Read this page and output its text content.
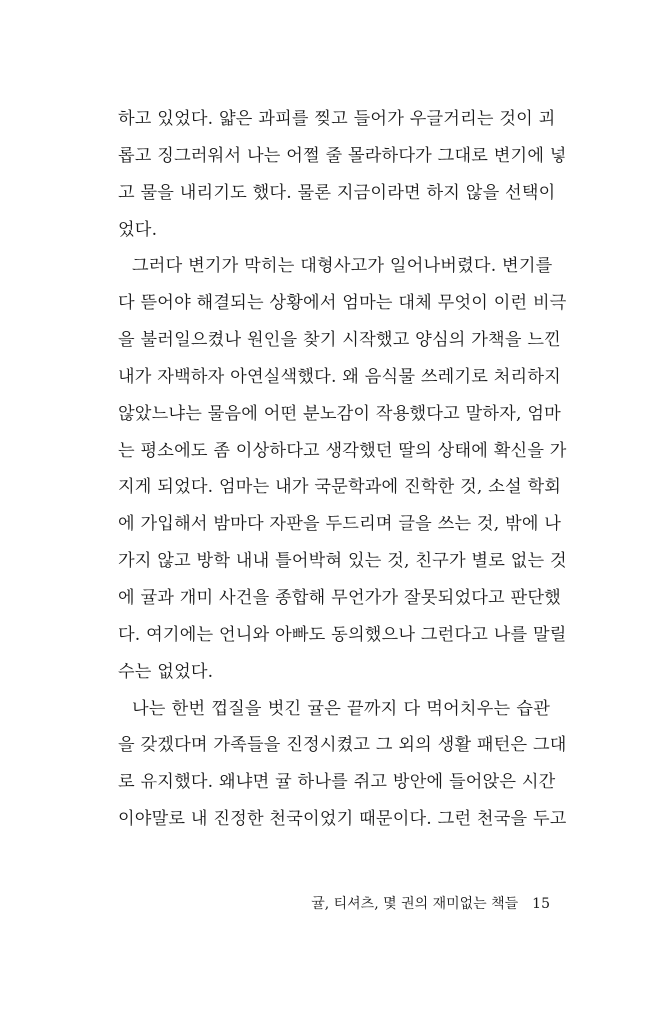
하고 있었다. 얇은 과피를 찢고 들어가 우글거리는 것이 괴
롭고 징그러워서 나는 어쩔 줄 몰라하다가 그대로 변기에 넣
고 물을 내리기도 했다. 물론 지금이라면 하지 않을 선택이
었다.

그러다 변기가 막히는 대형사고가 일어나버렸다. 변기를
다 뜯어야 해결되는 상황에서 엄마는 대체 무엇이 이런 비극
을 불러일으켰나 원인을 찾기 시작했고 양심의 가책을 느낀
내가 자백하자 아연실색했다. 왜 음식물 쓰레기로 처리하지
않았느냐는 물음에 어떤 분노감이 작용했다고 말하자, 엄마
는 평소에도 좀 이상하다고 생각했던 딸의 상태에 확신을 가
지게 되었다. 엄마는 내가 국문학과에 진학한 것, 소설 학회
에 가입해서 밤마다 자판을 두드리며 글을 쓰는 것, 밖에 나
가지 않고 방학 내내 틀어박혀 있는 것, 친구가 별로 없는 것
에 귤과 개미 사건을 종합해 무언가가 잘못되었다고 판단했
다. 여기에는 언니와 아빠도 동의했으나 그런다고 나를 말릴
수는 없었다.

나는 한번 껍질을 벗긴 귤은 끝까지 다 먹어치우는 습관
을 갖겠다며 가족들을 진정시켰고 그 외의 생활 패턴은 그대
로 유지했다. 왜냐면 귤 하나를 쥐고 방안에 들어앉은 시간
이야말로 내 진정한 천국이었기 때문이다. 그런 천국을 두고

귤, 티셔츠, 몇 권의 재미없는 책들 15
